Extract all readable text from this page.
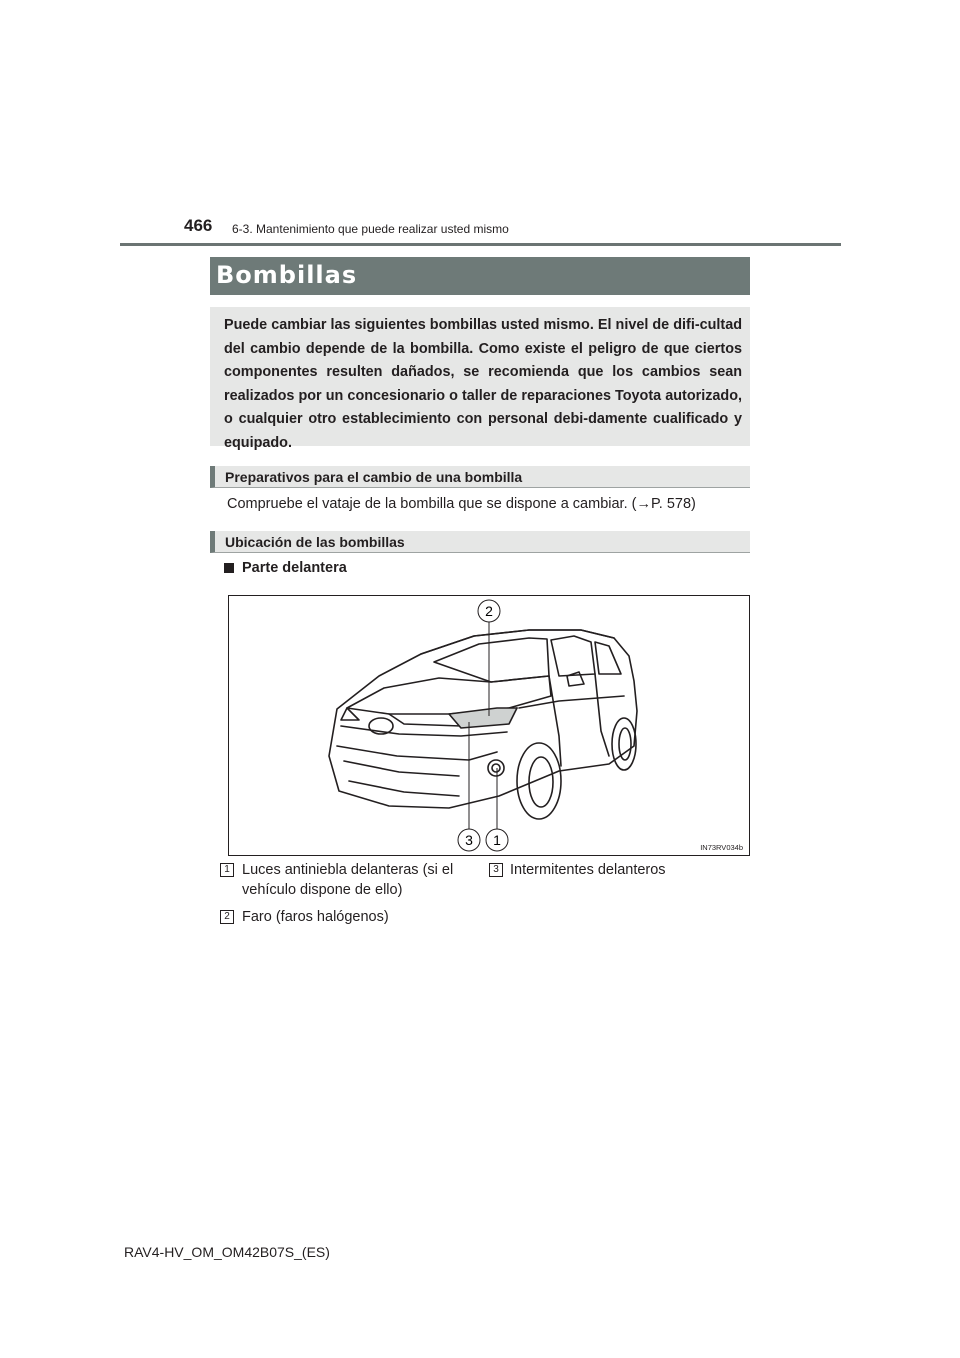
466 6-3. Mantenimiento que puede realizar usted mismo
Bombillas

Puede cambiar las siguientes bombillas usted mismo. El nivel de difi-cultad del cambio depende de la bombilla. Como existe el peligro de que ciertos componentes resulten dañados, se recomienda que los cambios sean realizados por un concesionario o taller de reparaciones Toyota autorizado, o cualquier otro establecimiento con personal debi-damente cualificado y equipado.

Preparativos para el cambio de una bombilla
Compruebe el vataje de la bombilla que se dispone a cambiar. (→P. 578)
Ubicación de las bombillas
Parte delantera
2
3 1	IN73RV034b
1 Luces antiniebla delanteras (si el
vehículo dispone de ello)
3 Intermitentes delanteros
2 Faro (faros halógenos)
RAV4-HV_OM_OM42B07S_(ES)
